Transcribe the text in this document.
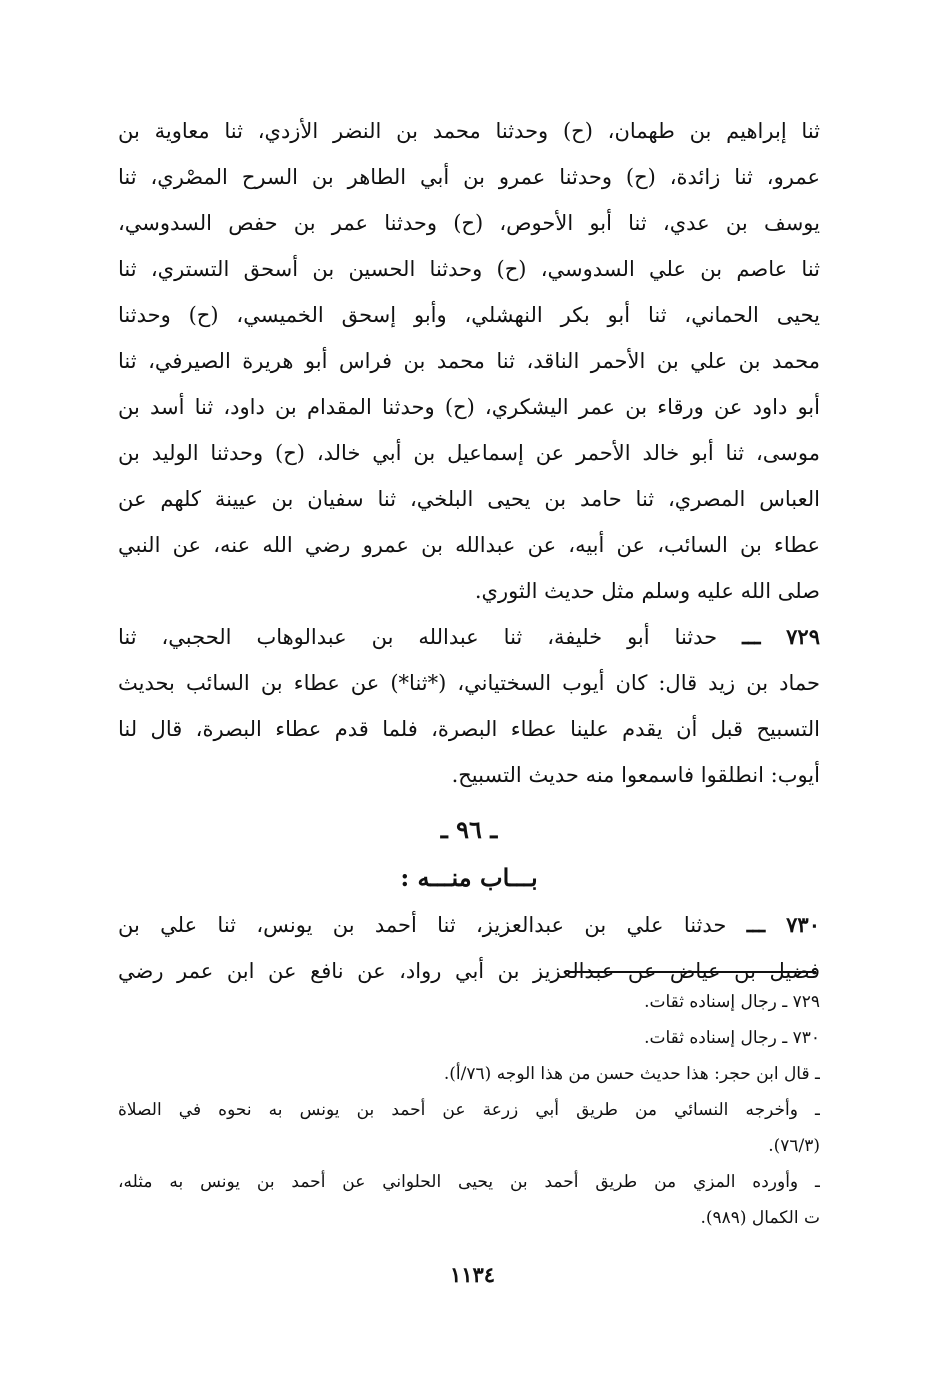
ثنا إبراهيم بن طهمان، (ح) وحدثنا محمد بن النضر الأزدي، ثنا معاوية بن
عمرو، ثنا زائدة، (ح) وحدثنا عمرو بن أبي الطاهر بن السرح المصْري، ثنا
يوسف بن عدي، ثنا أبو الأحوص، (ح) وحدثنا عمر بن حفص السدوسي،
ثنا عاصم بن علي السدوسي، (ح) وحدثنا الحسين بن أسحق التستري، ثنا
يحيى الحماني، ثنا أبو بكر النهشلي، وأبو إسحق الخميسي، (ح) وحدثنا
محمد بن علي بن الأحمر الناقد، ثنا محمد بن فراس أبو هريرة الصيرفي، ثنا
أبو داود عن ورقاء بن عمر اليشكري، (ح) وحدثنا المقدام بن داود، ثنا أسد بن
موسى، ثنا أبو خالد الأحمر عن إسماعيل بن أبي خالد، (ح) وحدثنا الوليد بن
العباس المصري، ثنا حامد بن يحيى البلخي، ثنا سفيان بن عيينة كلهم عن
عطاء بن السائب، عن أبيه، عن عبدالله بن عمرو رضي الله عنه، عن النبي
صلى الله عليه وسلم مثل حديث الثوري.
٧٢٩ ـــ حدثنا أبو خليفة، ثنا عبدالله بن عبدالوهاب الحجبي، ثنا
حماد بن زيد قال: كان أيوب السختياني، (*ثنا*) عن عطاء بن السائب بحديث
التسبيح قبل أن يقدم علينا عطاء البصرة، فلما قدم عطاء البصرة، قال لنا
أيوب: انطلقوا فاسمعوا منه حديث التسبيح.
ـ ٩٦ ـ
بـــاب منـــه :
٧٣٠ ـــ حدثنا علي بن عبدالعزيز، ثنا أحمد بن يونس، ثنا علي بن
فضيل بن عياض عن عبدالعزيز بن أبي رواد، عن نافع عن ابن عمر رضي
٧٢٩ ـ رجال إسناده ثقات.
٧٣٠ ـ رجال إسناده ثقات.
ـ قال ابن حجر: هذا حديث حسن من هذا الوجه (٧٦/أ).
ـ وأخرجه النسائي من طريق أبي زرعة عن أحمد بن يونس به نحوه في الصلاة
(٧٦/٣).
ـ وأورده المزي من طريق أحمد بن يحيى الحلواني عن أحمد بن يونس به مثله،
ت الكمال (٩٨٩).
١١٣٤
